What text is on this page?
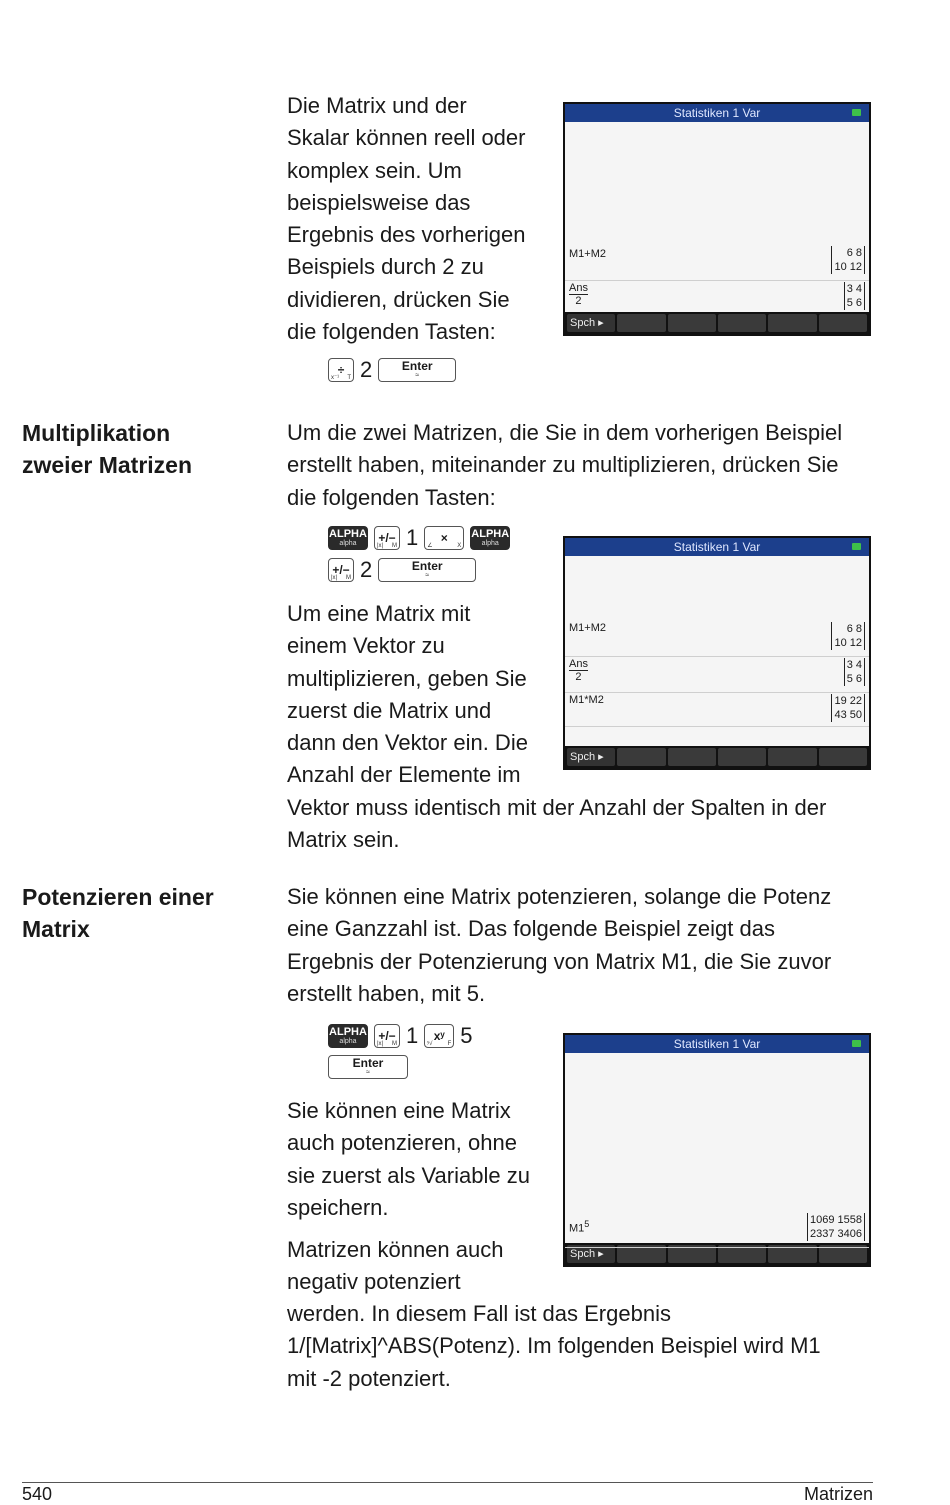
Die Matrix und der

Skalar können reell oder

komplex sein. Um

beispielsweise das

Ergebnis des vorherigen

Beispiels durch 2 zu

dividieren, drücken Sie

die folgenden Tasten:

÷
x⁻¹ T 2 Enter
≈
Statistiken 1 Var
M1+M2	6 8
10 12
$\frac{\text{Ans}}{2}$	3 4
5 6
Spch ▸

Multiplikation

zweier Matrizen

Um die zwei Matrizen, die Sie in dem vorherigen Beispiel

erstellt haben, miteinander zu multiplizieren, drücken Sie

die folgenden Tasten:

ALPHA
alpha +/−
|x| M 1 ×
∠	X
ALPHA
alpha
+/−
|x| M 2	Enter
≈

Um eine Matrix mit

einem Vektor zu

multiplizieren, geben Sie

zuerst die Matrix und

dann den Vektor ein. Die

Anzahl der Elemente im

Vektor muss identisch mit der Anzahl der Spalten in der

Matrix sein.

Statistiken 1 Var
M1+M2	6 8
10 12
$\frac{\text{Ans}}{2}$	3 4
5 6
M1*M2	19 22
43 50
Spch ▸

Potenzieren einer

Matrix

Sie können eine Matrix potenzieren, solange die Potenz

eine Ganzzahl ist. Das folgende Beispiel zeigt das

Ergebnis der Potenzierung von Matrix M1, die Sie zuvor

erstellt haben, mit 5.

ALPHA
alpha +/−
|x| M 1 xʸ
ʸ√	F 5
Enter
≈

Sie können eine Matrix

auch potenzieren, ohne

sie zuerst als Variable zu

speichern.

Matrizen können auch

negativ potenziert

werden. In diesem Fall ist das Ergebnis

1/[Matrix]^ABS(Potenz). Im folgenden Beispiel wird M1

mit -2 potenziert.

Statistiken 1 Var
$M1^5$	1069 1558
2337 3406
Spch ▸
540	Matrizen
